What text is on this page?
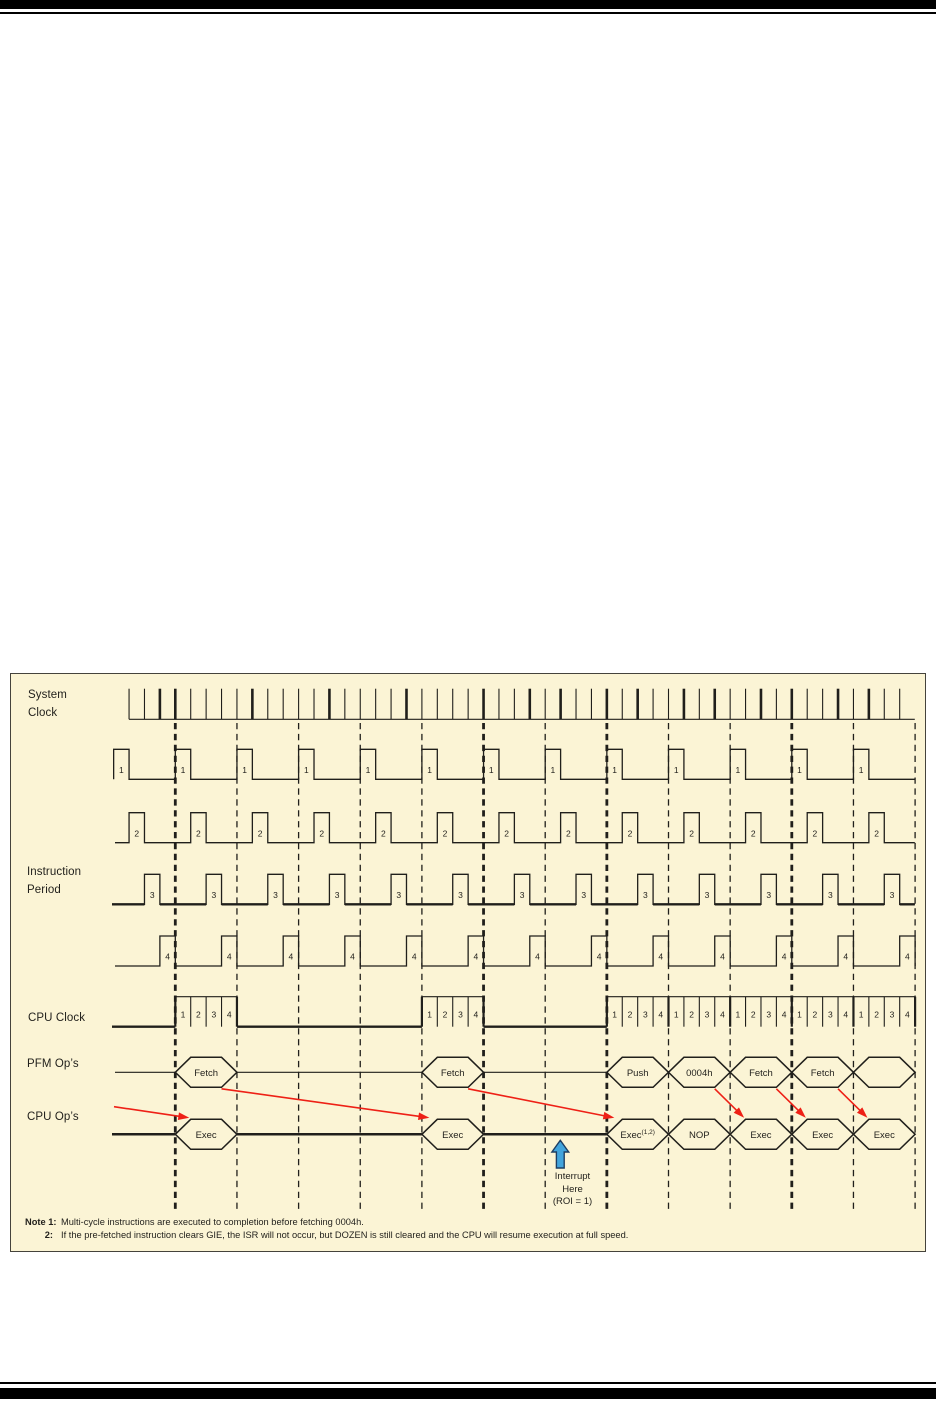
1	1	1	1	1	1	1	1	1	1	1	1	1
2	2	2	2	2	2	2	2	2	2	2	2	2
3	3	3	3	3	3	3	3	3	3	3	3	3
4	4	4	4	4	4	4	4	4	4	4	4	4
1 2 3 4	1 2 3 4	1 2 3 4 1 2 3 4 1 2 3 4 1 2 3 4 1 2 3 4
Fetch	Fetch	Push	0004h	Fetch	Fetch
Exec	Exec	Exec$^{(1,2)}$	NOP	Exec	Exec	Exec
System
Clock
Instruction
Period
CPU Clock
PFM Op’s
CPU Op’s
Interrupt
Here
(ROI = 1)
Note 1: Multi-cycle instructions are executed to completion before fetching 0004h.
2: If the pre-fetched instruction clears GIE, the ISR will not occur, but DOZEN is still cleared and the CPU will resume execution at full speed.
